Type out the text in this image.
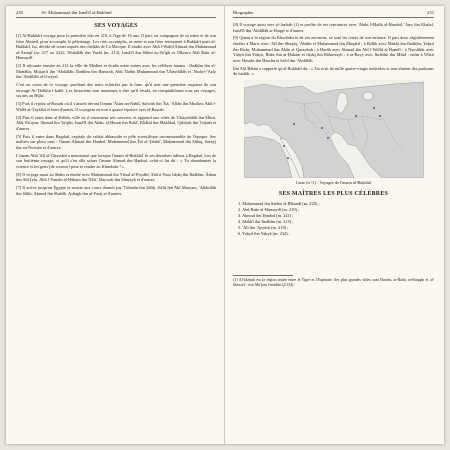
230	16- Muḥammad ibn Ismâ'îl al-Bukhârî
SES VOYAGES

[1] Al-Bukhârî voyage pour la première fois en 210, à l'âge de 16 ans. Il part, en compagnie de sa mère et de son frère Aḥmed, pour accomplir le pèlerinage. Les rites accomplis, sa mère et son frère retournent à Bukhârî mais al-Bukhârî, lui, décide de rester auprès des cheikhs de La Mecque. Il étudie avec Abû l-Walîd Aḥmad ibn Muḥammad al-Azraqî (m. 217 ou 222), 'Abdallâh ibn Yazîd (m. 213), Ismâ'îl ibn Sâlim aṣ-Ṣâ'igh et l'illustre Abû Bakr al-Ḥumaydî.

[2] Il séjourne ensuite en 212 la ville de Médine et étudie entre autres avec les célèbres imams : Ibrâhîm ibn al-Mundhir, Muṭarrif ibn 'Abdallâh, Ibrâhîm ibn Ḥamzah, Abû Thâbit Muḥammad ibn 'Ubaydillâh et 'Abdu-l-'Azîz ibn 'Abdillâh al-Uwaysî.

C'est au cours de ce voyage, profitant des nuits éclairées par la lune, qu'il met une première esquisse de son ouvrage At-Târîkhu l-kabîr. Les historiens sont unanimes à dire qu'il résida, en comptabilisant tous ses voyages, six ans au Ḥijâz.

[3] Puis il rejoint al-Baṣrah où il s'assied devant l'imam 'Âṣim an-Nabîl, Ṣafwân ibn 'Îsâ, 'Affân ibn Muslim, Abû l-Walîd aṭ-Ṭayâlisî et bien d'autres. Il voyagera en tout à quatre reprises vers al-Baṣrah.

[4] Puis il entre dans al-Kûfah, ville où il retournera très souvent, et apprend aux côtés de 'Ubaydallâh ibn Mûsâ, Abû Nu'aym, Aḥmad ibn Ya'qûb, Ismâ'îl ibn Abân, al-Ḥasan ibn Rabî', Khâlid ibn Makhlad, Qabîṣah ibn 'Uqbah et d'autres.

[5] Puis il entre dans Bagdad, capitale du califat abbasside et pôle scientifique incontournable de l'époque. Ses maîtres sur place sont : l'imam Aḥmad ibn Ḥanbal, Muḥammad ibn 'Îsâ aṭ-Ṭabbâ', Muḥammad ibn Sâbiq, Surayj ibn an-Nu'mân et d'autres.

L'imam Abû 'Alî al-Ghassânî a mentionné que lorsque l'imam al-Bukhârî fit ses dernières adieux à Bagdad, lors de son huitième voyage, et qu'il s'en alla saluer l'imam Aḥmad ibn Ḥanbal, celui-ci lui dit : « Tu abandonnes la science et les gens [de science] pour te rendre au Khurâsân ! »

[6] Il voyage aussi au Shâm et étudie avec Muḥammad ibn Yûsuf al-Firyâbî, Abû n-Naṣr Isḥâq ibn Ibrâhîm, Âdam ibn Abî Iyâs, Abû l-Yamân al-Ḥakam ibn Nâfi', Ḥaywah ibn Shurayḥ et d'autres.

[7] Il arrive jusqu'en Égypte et assiste aux cours donnés par 'Uthmân ibn Ṣâliḥ, Sa'îd ibn Abî Maryam, 'Abdullâh ibn Ṣâliḥ, Aḥmad ibn Shabîb, Aṣbagh ibn al-Faraj et d'autres.

Biographie	231

[8] Il voyage aussi vers al-Jazîrah (1) et profite de ses rencontres avec 'Abdu l-Malik al-Ḥarrânî, 'Amr ibn Khalaf, Ismâ'îl ibn 'Abdillâh ar-Raqqî et d'autres.

[9] Quant à la région du Khurâsân et de ses environs, ce sont les terres de son enfance. Il part donc régulièrement étudier à Marw avec 'Alî ibn Shaqîq, 'Abdân et Muḥammad ibn Muqâtil ; à Balkh avec Makkî ibn Ibrâhîm, Yaḥyâ ibn Bishr, Muḥammad ibn Abân et Qutaybah ; à Harâh avec Aḥmad ibn Abî l-Walîd al-Ḥanafî ; à Naysâbûr avec Yaḥyâ ibn Yaḥyâ, Bishr ibn al-Ḥakam et Isḥâq ibn Râhuwayh ; à ar-Rayy avec Ibrâhîm ibn Mûsâ ; enfin à Wâsiṭ avec Ḥassân ibn Ḥassân et Sa'îd ibn 'Abdillâh.

Ibn Abî Ḥâtim a rapporté qu'al-Bukhârî dit : « J'ai écrit de mille quatre-vingts individus et tous étaient des partisans du hadith. »

Carte (n °1) : Voyages de l'imam al-Bukhârî
SES MAÎTRES LES PLUS CÉLÈBRES
1. Muḥammad ibn Salâm al-Bîkandî (m. 225) ;
2. Abû Bakr al-Ḥumaydî (m. 219) ;
3. Aḥmad ibn Ḥanbal (m. 241) ;
4. Makkî ibn Ibrâhîm (m. 215) ;
5. 'Alî ibn 'Ayyâsh (m. 219) ;
6. Yaḥyâ ibn Yaḥyâ (m. 234) ;
(1) Al-Jazîrah est la région située entre le Tigre et l'Euphrate. Ses plus grandes villes sont Ḥarrân, ar-Rahâ, ar-Raqqah et al-Mawṣil ; voir Mu'jam l-buldân (2/134).
